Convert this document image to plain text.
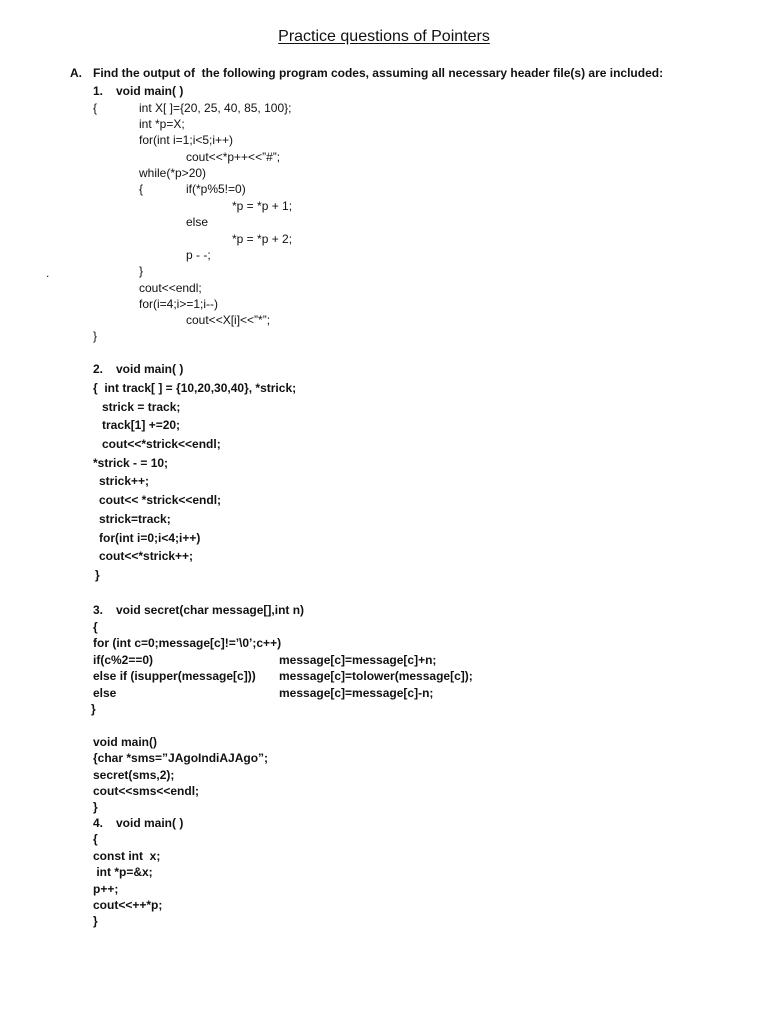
Practice questions of Pointers
A. Find the output of  the following program codes, assuming all necessary header file(s) are included:
.
1. void main( )
{	int X[ ]={20, 25, 40, 85, 100};
int *p=X;
for(int i=1;i<5;i++)
cout<<*p++<<”#”;
while(*p>20)
{	if(*p%5!=0)
*p = *p + 1;
else
*p = *p + 2;
p - -;
}
cout<<endl;
for(i=4;i>=1;i--)
cout<<X[i]<<”*”;
}
2. void main( )
{  int track[ ] = {10,20,30,40}, *strick;
strick = track;
track[1] +=20;
cout<<*strick<<endl;
*strick - = 10;
strick++;
cout<< *strick<<endl;
strick=track;
for(int i=0;i<4;i++)
cout<<*strick++;
}
3. void secret(char message[],int n)
{
for (int c=0;message[c]!=’\0’;c++)
if(c%2==0)	message[c]=message[c]+n;
else if (isupper(message[c])) message[c]=tolower(message[c]);
else	message[c]=message[c]-n;
}
void main()
{char *sms=”JAgoIndiAJAgo”;
secret(sms,2);
cout<<sms<<endl;
}
4. void main( )
{
const int  x;
int *p=&x;
p++;
cout<<++*p;
}
